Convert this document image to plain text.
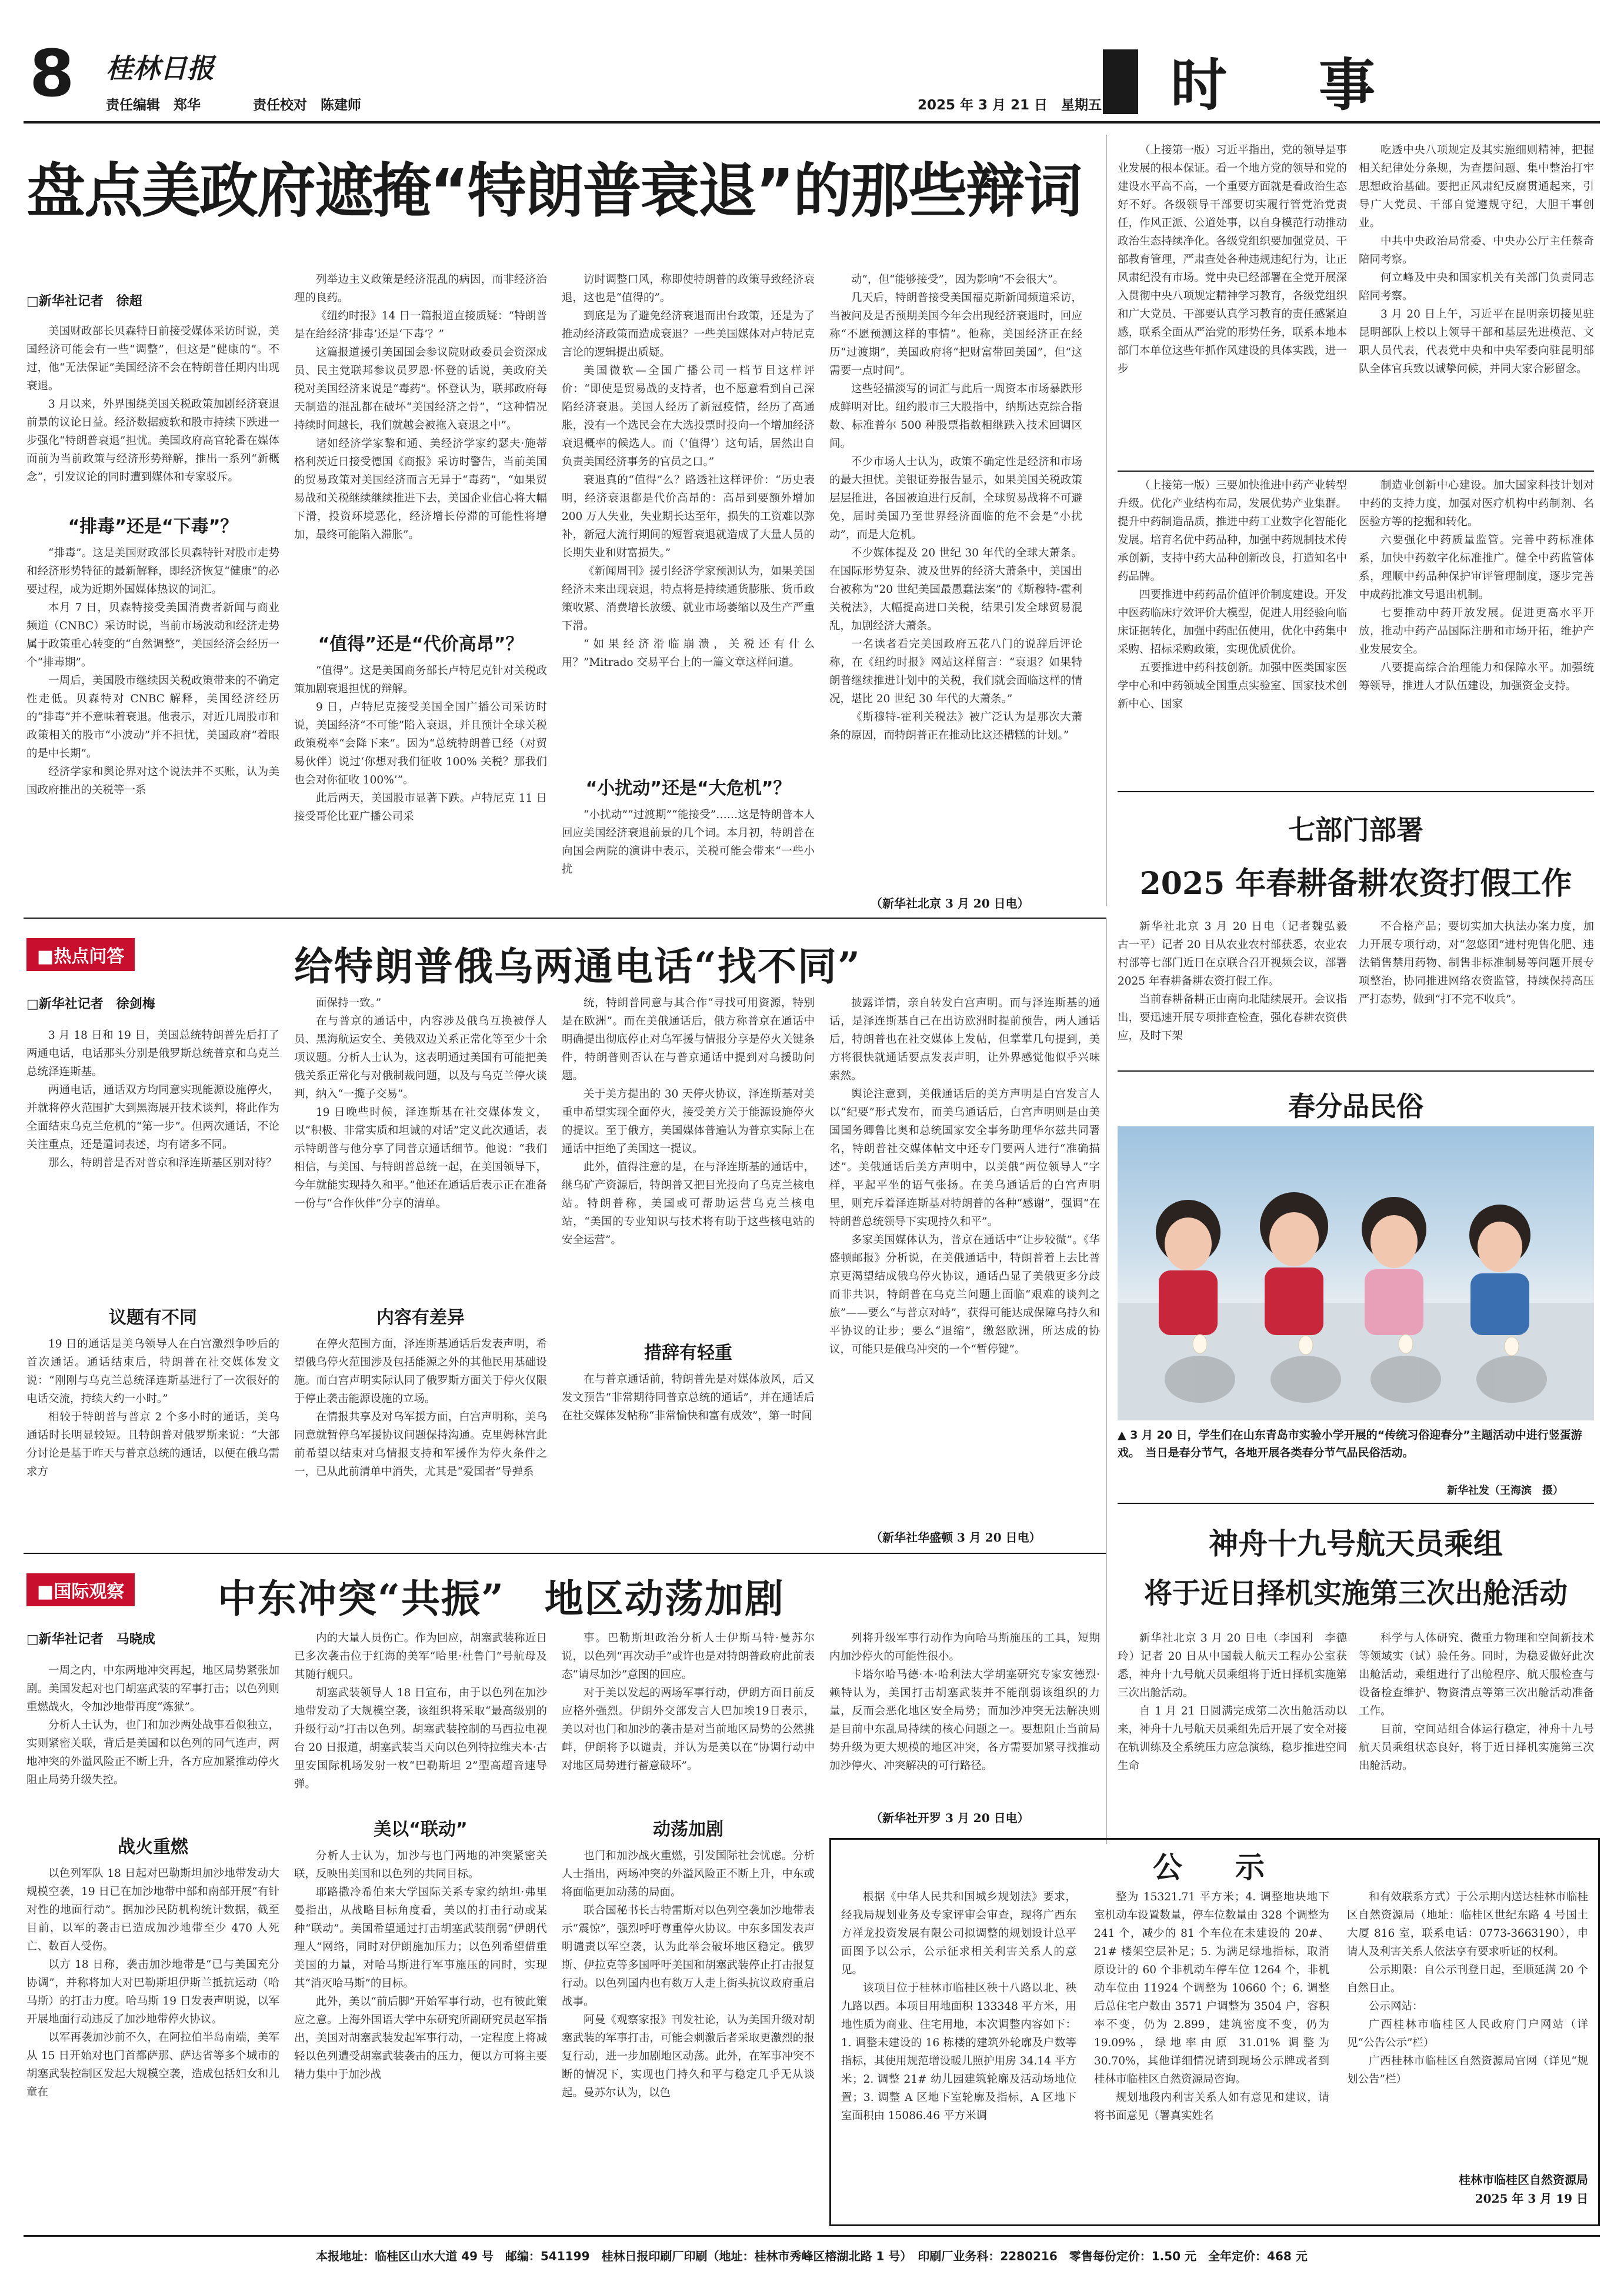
8 桂林日报
责任编辑　郑华	责任校对　陈建师	2025 年 3 月 21 日　星期五 时　事
盘点美政府遮掩“特朗普衰退”的那些辩词
□新华社记者　徐超

美国财政部长贝森特日前接受媒体采访时说，美国经济可能会有一些“调整”，但这是“健康的”。不过，他“无法保证”美国经济不会在特朗普任期内出现衰退。

3 月以来，外界围绕美国关税政策加剧经济衰退前景的议论日益。经济数据疲软和股市持续下跌进一步强化“特朗普衰退”担忧。美国政府高官轮番在媒体面前为当前政策与经济形势辩解，推出一系列“新概念”，引发议论的同时遭到媒体和专家驳斥。

“排毒”还是“下毒”？

“排毒”。这是美国财政部长贝森特针对股市走势和经济形势特征的最新解释，即经济恢复“健康”的必要过程，成为近期外国媒体热议的词汇。

本月 7 日，贝森特接受美国消费者新闻与商业频道（CNBC）采访时说，当前市场波动和经济走势属于政策重心转变的“自然调整”，美国经济会经历一个“排毒期”。

一周后，美国股市继续因关税政策带来的不确定性走低。贝森特对 CNBC 解释，美国经济经历的“排毒”并不意味着衰退。他表示，对近几周股市和政策相关的股市“小波动”并不担忧，美国政府“着眼的是中长期”。

经济学家和舆论界对这个说法并不买账，认为美国政府推出的关税等一系

列举边主义政策是经济混乱的病因，而非经济治理的良药。

《纽约时报》14 日一篇报道直接质疑：“特朗普是在给经济‘排毒’还是‘下毒’？”

这篇报道援引美国国会参议院财政委员会资深成员、民主党联邦参议员罗恩·怀登的话说，美政府关税对美国经济来说是“毒药”。怀登认为，联邦政府每天制造的混乱都在破坏“美国经济之骨”，“这种情况持续时间越长，我们就越会被拖入衰退之中”。

诸如经济学家黎和通、美经济学家约瑟夫·施蒂格利茨近日接受德国《商报》采访时警告，当前美国的贸易政策对美国经济而言无异于“毒药”，“如果贸易战和关税继续继续推进下去，美国企业信心将大幅下滑，投资环境恶化，经济增长停滞的可能性将增加，最终可能陷入滞胀”。

“值得”还是“代价高昂”？

“值得”。这是美国商务部长卢特尼克针对关税政策加剧衰退担忧的辩解。

9 日，卢特尼克接受美国全国广播公司采访时说，美国经济“不可能”陷入衰退，并且预计全球关税政策税率“会降下来”。因为“总统特朗普已经（对贸易伙伴）说过‘你想对我们征收 100% 关税？那我们也会对你征收 100%’”。

此后两天，美国股市显著下跌。卢特尼克 11 日接受哥伦比亚广播公司采

访时调整口风，称即使特朗普的政策导致经济衰退，这也是“值得的”。

到底是为了避免经济衰退而出台政策，还是为了推动经济政策而造成衰退？一些美国媒体对卢特尼克言论的逻辑提出质疑。

美国微软—全国广播公司一档节目这样评价：“即使是贸易战的支持者，也不愿意看到自己深陷经济衰退。美国人经历了新冠疫情，经历了高通胀，没有一个选民会在大选投票时投向一个增加经济衰退概率的候选人。而（‘值得’）这句话，居然出自负责美国经济事务的官员之口。”

衰退真的“值得”么？路透社这样评价：“历史表明，经济衰退都是代价高昂的：高昂到要额外增加 200 万人失业，失业期长达至年，损失的工资难以弥补，新冠大流行期间的短暂衰退就造成了大量人员的长期失业和财富损失。”

《新闻周刊》援引经济学家预测认为，如果美国经济未来出现衰退，特点将是持续通货膨胀、货币政策收紧、消费增长放缓、就业市场萎缩以及生产严重下滑。

“如果经济滑临崩溃，关税还有什么用？”Mitrado 交易平台上的一篇文章这样问道。

“小扰动”还是“大危机”？
“小扰动”“过渡期”“能接受”……这是特朗普本人回应美国经济衰退前景的几个词。本月初，特朗普在向国会两院的演讲中表示，关税可能会带来“一些小扰

动”，但“能够接受”，因为影响“不会很大”。

几天后，特朗普接受美国福克斯新闻频道采访，当被问及是否预期美国今年会出现经济衰退时，回应称“不愿预测这样的事情”。他称，美国经济正在经历“过渡期”，美国政府将“把财富带回美国”，但“这需要一点时间”。

这些轻描淡写的词汇与此后一周资本市场暴跌形成鲜明对比。纽约股市三大股指中，纳斯达克综合指数、标准普尔 500 种股票指数相继跌入技术回调区间。

不少市场人士认为，政策不确定性是经济和市场的最大担忧。美银证券报告显示，如果美国关税政策层层推进，各国被迫进行反制，全球贸易战将不可避免，届时美国乃至世界经济面临的危不会是“小扰动”，而是大危机。

不少媒体提及 20 世纪 30 年代的全球大萧条。在国际形势复杂、波及世界的经济大萧条中，美国出台被称为“20 世纪美国最愚蠢法案”的《斯穆特-霍利关税法》，大幅提高进口关税，结果引发全球贸易混乱，加剧经济大萧条。

一名读者看完美国政府五花八门的说辞后评论称，在《纽约时报》网站这样留言：“衰退？如果特朗普继续推进计划中的关税，我们就会面临这样的情况，堪比 20 世纪 30 年代的大萧条。”

《斯穆特-霍利关税法》被广泛认为是那次大萧条的原因，而特朗普正在推动比这还槽糕的计划。”

（新华社北京 3 月 20 日电）

（上接第一版）习近平指出，党的领导是事业发展的根本保证。看一个地方党的领导和党的建设水平高不高，一个重要方面就是看政治生态好不好。各级领导干部要切实履行管党治党责任，作风正派、公道处事，以自身模范行动推动政治生态持续净化。各级党组织要加强党员、干部教育管理，严肃查处各种违规违纪行为，让正风肃纪没有市场。党中央已经部署在全党开展深入贯彻中央八项规定精神学习教育，各级党组织和广大党员、干部要认真学习教育的责任感紧迫感，联系全面从严治党的形势任务，联系本地本部门本单位这些年抓作风建设的具体实践，进一步

吃透中央八项规定及其实施细则精神，把握相关纪律处分条规，为查摆问题、集中整治打牢思想政治基础。要把正风肃纪反腐贯通起来，引导广大党员、干部自觉遵规守纪，大胆干事创业。

中共中央政治局常委、中央办公厅主任蔡奇陪同考察。

何立峰及中央和国家机关有关部门负责同志陪同考察。

3 月 20 日上午，习近平在昆明亲切接见驻昆明部队上校以上领导干部和基层先进模范、文职人员代表，代表党中央和中央军委向驻昆明部队全体官兵致以诚挚问候，并同大家合影留念。

（上接第一版）三要加快推进中药产业转型升级。优化产业结构布局，发展优势产业集群。提升中药制造品质，推进中药工业数字化智能化发展。培育名优中药品种，加强中药规制技术传承创新，支持中药大品种创新改良，打造知名中药品牌。

四要推进中药药品价值评价制度建设。开发中医药临床疗效评价大模型，促进人用经验向临床证据转化，加强中药配伍使用，优化中药集中采购、招标采购政策，实现优质优价。

五要推进中药科技创新。加强中医类国家医学中心和中药领域全国重点实验室、国家技术创新中心、国家

制造业创新中心建设。加大国家科技计划对中药的支持力度，加强对医疗机构中药制剂、名医验方等的挖掘和转化。

六要强化中药质量监管。完善中药标准体系，加快中药数字化标准推广。健全中药监管体系，理顺中药品种保护审评管理制度，逐步完善中成药批准文号退出机制。

七要推动中药开放发展。促进更高水平开放，推动中药产品国际注册和市场开拓，维护产业发展安全。

八要提高综合治理能力和保障水平。加强统筹领导，推进人才队伍建设，加强资金支持。

七部门部署
2025 年春耕备耕农资打假工作

新华社北京 3 月 20 日电（记者魏弘毅　古一平）记者 20 日从农业农村部获悉，农业农村部等七部门近日在京联合召开视频会议，部署 2025 年春耕备耕农资打假工作。

当前春耕备耕正由南向北陆续展开。会议指出，要迅速开展专项排查检查，强化春耕农资供应，及时下架

不合格产品；要切实加大执法办案力度，加力开展专项行动，对“忽悠团”进村兜售化肥、违法销售禁用药物、制售非标准制易等问题开展专项整治，协同推进网络农资监管，持续保持高压严打态势，做到“打不完不收兵”。

春分品民俗
▲ 3 月 20 日，学生们在山东青岛市实验小学开展的“传统习俗迎春分”主题活动中进行竖蛋游戏。　当日是春分节气，各地开展各类春分节气品民俗活动。
新华社发（王海滨　摄）
■热点问答	给特朗普俄乌两通电话“找不同”
□新华社记者　徐剑梅

3 月 18 日和 19 日，美国总统特朗普先后打了两通电话，电话那头分别是俄罗斯总统普京和乌克兰总统泽连斯基。

两通电话，通话双方均同意实现能源设施停火，并就将停火范围扩大到黑海展开技术谈判，将此作为全面结束乌克兰危机的“第一步”。但两次通话，不论关注重点，还是遣词表述，均有诸多不同。

那么，特朗普是否对普京和泽连斯基区别对待？

议题有不同

19 日的通话是美乌领导人在白宫激烈争吵后的首次通话。通话结束后，特朗普在社交媒体发文说：“刚刚与乌克兰总统泽连斯基进行了一次很好的电话交流，持续大约一小时。”

相较于特朗普与普京 2 个多小时的通话，美乌通话时长明显较短。且特朗普对俄罗斯来说：“大部分讨论是基于昨天与普京总统的通话，以便在俄乌需求方

面保持一致。”

在与普京的通话中，内容涉及俄乌互换被俘人员、黑海航运安全、美俄双边关系正常化等至少十余项议题。分析人士认为，这表明通过美国有可能把美俄关系正常化与对俄制裁问题，以及与乌克兰停火谈判，纳入“一揽子交易”。

19 日晚些时候，泽连斯基在社交媒体发文，以“积极、非常实质和坦诚的对话”定义此次通话，表示特朗普与他分享了同普京通话细节。他说：“我们相信，与美国、与特朗普总统一起，在美国领导下，今年就能实现持久和平。”他还在通话后表示正在准备一份与“合作伙伴”分享的清单。

内容有差异

在停火范围方面，泽连斯基通话后发表声明，希望俄乌停火范围涉及包括能源之外的其他民用基础设施。而白宫声明实际认同了俄罗斯方面关于停火仅限于停止袭击能源设施的立场。

在情报共享及对乌军援方面，白宫声明称，美乌同意就暂停乌军援协议问题保持沟通。克里姆林宫此前希望以结束对乌情报支持和军援作为停火条件之一，已从此前清单中消失，尤其是“爱国者”导弹系

统，特朗普同意与其合作“寻找可用资源，特别是在欧洲”。而在美俄通话后，俄方称普京在通话中明确提出彻底停止对乌军援与情报分享是停火关键条件，特朗普则否认在与普京通话中提到对乌援助问题。

关于美方提出的 30 天停火协议，泽连斯基对美重申希望实现全面停火，接受美方关于能源设施停火的提议。至于俄方，美国媒体普遍认为普京实际上在通话中拒绝了美国这一提议。

此外，值得注意的是，在与泽连斯基的通话中，继乌矿产资源后，特朗普又把目光投向了乌克兰核电站。特朗普称，美国或可帮助运营乌克兰核电站，“美国的专业知识与技术将有助于这些核电站的安全运营”。

措辞有轻重

在与普京通话前，特朗普先是对媒体放风，后又发文预告“非常期待同普京总统的通话”，并在通话后在社交媒体发帖称“非常愉快和富有成效”，第一时间

披露详情，亲自转发白宫声明。而与泽连斯基的通话，是泽连斯基自己在出访欧洲时提前预告，两人通话后，特朗普也在社交媒体上发帖，但掌掌几句提到，美方将很快就通话要点发表声明，让外界感觉他似乎兴味索然。

舆论注意到，美俄通话后的美方声明是白宫发言人以“纪要”形式发布，而美乌通话后，白宫声明则是由美国国务卿鲁比奥和总统国家安全事务助理华尔兹共同署名，特朗普社交媒体帖文中还专门要两人进行“准确描述”。美俄通话后美方声明中，以美俄“两位领导人”字样，平起平坐的语气张扬。在美乌通话后的白宫声明里，则充斥着泽连斯基对特朗普的各种“感谢”，强调“在特朗普总统领导下实现持久和平”。

多家美国媒体认为，普京在通话中“让步较微”。《华盛顿邮报》分析说，在美俄通话中，特朗普着上去比普京更渴望结成俄乌停火协议，通话凸显了美俄更多分歧而非共识，特朗普在乌克兰问题上面临“艰难的谈判之旅”——要么“与普京对峙”，获得可能达成保障乌持久和平协议的让步；要么“退缩”，缴怒欧洲，所达成的协议，可能只是俄乌冲突的一个“暂停键”。

（新华社华盛顿 3 月 20 日电）
■国际观察 中东冲突“共振”　地区动荡加剧
□新华社记者　马晓成

一周之内，中东两地冲突再起，地区局势紧张加剧。美国发起对也门胡塞武装的军事打击；以色列则重燃战火，令加沙地带再度“炼狱”。

分析人士认为，也门和加沙两处战事看似独立，实则紧密关联，背后是美国和以色列的同气连声，两地冲突的外溢风险正不断上升，各方应加紧推动停火阻止局势升级失控。

战火重燃

以色列军队 18 日起对巴勒斯坦加沙地带发动大规模空袭，19 日已在加沙地带中部和南部开展“有针对性的地面行动”。据加沙民防机构统计数据，截至目前，以军的袭击已造成加沙地带至少 470 人死亡、数百人受伤。

以方 18 日称，袭击加沙地带是“已与美国充分协调”，并称将加大对巴勒斯坦伊斯兰抵抗运动（哈马斯）的打击力度。哈马斯 19 日发表声明说，以军开展地面行动违反了加沙地带停火协议。

以军再袭加沙前不久，在阿拉伯半岛南端，美军从 15 日开始对也门首都萨那、萨达省等多个城市的胡塞武装控制区发起大规模空袭，造成包括妇女和儿童在

内的大量人员伤亡。作为回应，胡塞武装称近日已多次袭击位于红海的美军“哈里·杜鲁门”号航母及其随行舰只。

胡塞武装领导人 18 日宣布，由于以色列在加沙地带发动了大规模空袭，该组织将采取“最高级别的升级行动”打击以色列。胡塞武装控制的马西拉电视台 20 日报道，胡塞武装当天向以色列特拉维夫本·古里安国际机场发射一枚“巴勒斯坦 2”型高超音速导弹。

美以“联动”

分析人士认为，加沙与也门两地的冲突紧密关联，反映出美国和以色列的共同目标。

耶路撒冷希伯来大学国际关系专家约纳坦·弗里曼指出，从战略目标角度看，美以的打击行动或某种“联动”。美国希望通过打击胡塞武装削弱“伊朗代理人”网络，同时对伊朗施加压力；以色列希望借重美国的力量，对哈马斯进行军事施压的同时，实现其“消灭哈马斯”的目标。

此外，美以“前后脚”开始军事行动，也有彼此策应之意。上海外国语大学中东研究所副研究员赵军指出，美国对胡塞武装发起军事行动，一定程度上将减轻以色列遭受胡塞武装袭击的压力，便以方可将主要精力集中于加沙战

事。巴勒斯坦政治分析人士伊斯马特·曼苏尔说，以色列“再次动手”或许也是对特朗普政府此前表态“请尽加沙”意图的回应。

对于美以发起的两场军事行动，伊朗方面日前反应格外强烈。伊朗外交部发言人巴加埃19日表示，美以对也门和加沙的袭击是对当前地区局势的公然挑衅，伊朗将予以谴责，并认为是美以在“协调行动中对地区局势进行蓄意破坏”。

动荡加剧

也门和加沙战火重燃，引发国际社会忧虑。分析人士指出，两场冲突的外溢风险正不断上升，中东或将面临更加动荡的局面。

联合国秘书长古特雷斯对以色列空袭加沙地带表示“震惊”，强烈呼吁尊重停火协议。中东多国发表声明谴责以军空袭，认为此举会破坏地区稳定。俄罗斯、伊拉克等多国呼吁美国和胡塞武装停止打击报复行动。以色列国内也有数万人走上街头抗议政府重启战事。

阿曼《观察家报》刊发社论，认为美国升级对胡塞武装的军事打击，可能会刺激后者采取更激烈的报复行动，进一步加剧地区动荡。此外，在军事冲突不断的情况下，实现也门持久和平与稳定几乎无从谈起。曼苏尔认为，以色

列将升级军事行动作为向哈马斯施压的工具，短期内加沙停火的可能性很小。

卡塔尔哈马德·本·哈利法大学胡塞研究专家安德烈·赖特认为，美国打击胡塞武装并不能削弱该组织的力量，反而会恶化地区安全局势；而加沙冲突无法解决则是目前中东乱局持续的核心问题之一。要想阻止当前局势升级为更大规模的地区冲突，各方需要加紧寻找推动加沙停火、冲突解决的可行路径。

（新华社开罗 3 月 20 日电）
神舟十九号航天员乘组
将于近日择机实施第三次出舱活动

新华社北京 3 月 20 日电（李国利　李德玲）记者 20 日从中国载人航天工程办公室获悉，神舟十九号航天员乘组将于近日择机实施第三次出舱活动。

自 1 月 21 日圆满完成第二次出舱活动以来，神舟十九号航天员乘组先后开展了安全对接在轨训练及全系统压力应急演练，稳步推进空间生命

科学与人体研究、微重力物理和空间新技术等领域实（试）验任务。同时，为稳妥做好此次出舱活动，乘组进行了出舱程序、航天服检查与设备检查维护、物资清点等第三次出舱活动准备工作。

目前，空间站组合体运行稳定，神舟十九号航天员乘组状态良好，将于近日择机实施第三次出舱活动。

公　示

根据《中华人民共和国城乡规划法》要求，经我局规划业务及专家评审会审查，现将广西东方祥龙投资发展有限公司拟调整的规划设计总平面图予以公示，公示征求相关利害关系人的意见。

该项目位于桂林市临桂区秧十八路以北、秧九路以西。本项目用地面积 133348 平方米，用地性质为商业、住宅用地，本次调整内容如下：1. 调整未建设的 16 栋楼的建筑外轮廓及户数等指标，其使用规范增设暖儿照护用房 34.14 平方米；2. 调整 21# 幼儿园建筑轮廓及活动场地位置；3. 调整 A 区地下室轮廓及指标，A 区地下室面积由 15086.46 平方米调

整为 15321.71 平方米；4. 调整地块地下室机动车设置数量，停车位数量由 328 个调整为 241 个，减少的 81 个车位在未建设的 20#、21# 楼架空层补足；5. 为满足绿地指标，取消原设计的 60 个非机动车停车位 1264 个，非机动车位由 11924 个调整为 10660 个；6. 调整后总住宅户数由 3571 户调整为 3504 户，容积率不变，仍为 2.899，建筑密度不变，仍为 19.09%，绿地率由原 31.01% 调整为 30.70%，其他详细情况请到现场公示牌或者到桂林市临桂区自然资源局咨询。

规划地段内利害关系人如有意见和建议，请将书面意见（署真实姓名

和有效联系方式）于公示期内送达桂林市临桂区自然资源局（地址：临桂区世纪东路 4 号国土大厦 816 室，联系电话：0773-3663190），申请人及利害关系人依法享有要求听证的权利。

公示期限：自公示刊登日起，至顺延满 20 个自然日止。

公示网站：

广西桂林市临桂区人民政府门户网站（详见“公告公示”栏）

广西桂林市临桂区自然资源局官网（详见“规划公告”栏）

桂林市临桂区自然资源局
2025 年 3 月 19 日
本报地址：临桂区山水大道 49 号　邮编：541199　桂林日报印刷厂印刷（地址：桂林市秀峰区榕湖北路 1 号）　印刷厂业务科：2280216　零售每份定价：1.50 元　全年定价：468 元
